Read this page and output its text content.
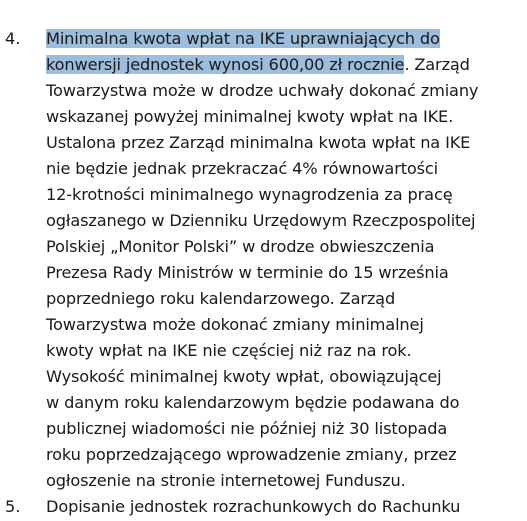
4. Minimalna kwota wpłat na IKE uprawniających do
konwersji jednostek wynosi 600,00 zł rocznie. Zarząd
Towarzystwa może w drodze uchwały dokonać zmiany
wskazanej powyżej minimalnej kwoty wpłat na IKE.
Ustalona przez Zarząd minimalna kwota wpłat na IKE
nie będzie jednak przekraczać 4% równowartości
12-krotności minimalnego wynagrodzenia za pracę
ogłaszanego w Dzienniku Urzędowym Rzeczpospolitej
Polskiej „Monitor Polski” w drodze obwieszczenia
Prezesa Rady Ministrów w terminie do 15 września
poprzedniego roku kalendarzowego. Zarząd
Towarzystwa może dokonać zmiany minimalnej
kwoty wpłat na IKE nie częściej niż raz na rok.
Wysokość minimalnej kwoty wpłat, obowiązującej
w danym roku kalendarzowym będzie podawana do
publicznej wiadomości nie później niż 30 listopada
roku poprzedzającego wprowadzenie zmiany, przez
ogłoszenie na stronie internetowej Funduszu.
5. Dopisanie jednostek rozrachunkowych do Rachunku
